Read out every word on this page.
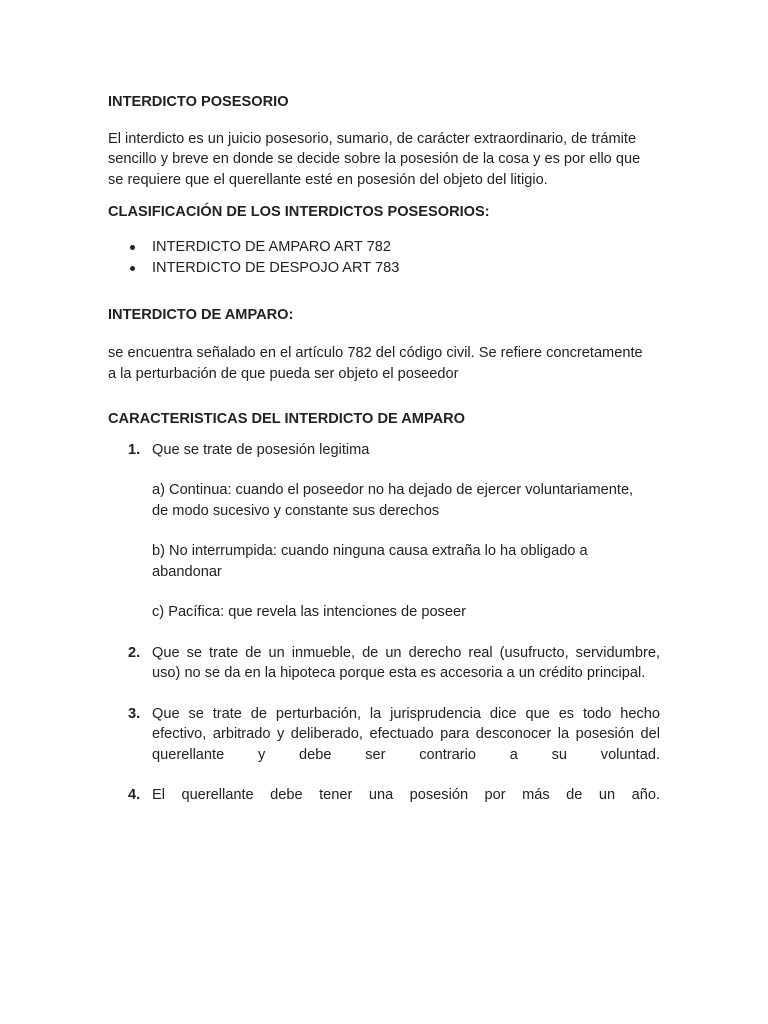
INTERDICTO POSESORIO

El interdicto es un juicio posesorio, sumario, de carácter extraordinario, de trámite

sencillo y breve en donde se decide sobre la posesión de la cosa y es por ello que

se requiere que el querellante esté en posesión del objeto del litigio.

CLASIFICACIÓN DE LOS INTERDICTOS POSESORIOS:
INTERDICTO DE AMPARO ART 782
INTERDICTO DE DESPOJO ART 783
INTERDICTO DE AMPARO:

se encuentra señalado en el artículo 782 del código civil. Se refiere concretamente

a la perturbación de que pueda ser objeto el poseedor

CARACTERISTICAS DEL INTERDICTO DE AMPARO
1. Que se trate de posesión legitima

a) Continua: cuando el poseedor no ha dejado de ejercer voluntariamente,

de modo sucesivo y constante sus derechos

b) No interrumpida: cuando ninguna causa extraña lo ha obligado a

abandonar

c) Pacífica: que revela las intenciones de poseer

2. Que se trate de un inmueble, de un derecho real (usufructo, servidumbre,

uso) no se da en la hipoteca porque esta es accesoria a un crédito principal.

3. Que se trate de perturbación, la jurisprudencia dice que es todo hecho

efectivo, arbitrado y deliberado, efectuado para desconocer la posesión del

querellante y debe ser contrario a su voluntad.

4. El querellante debe tener una posesión por más de un año.
